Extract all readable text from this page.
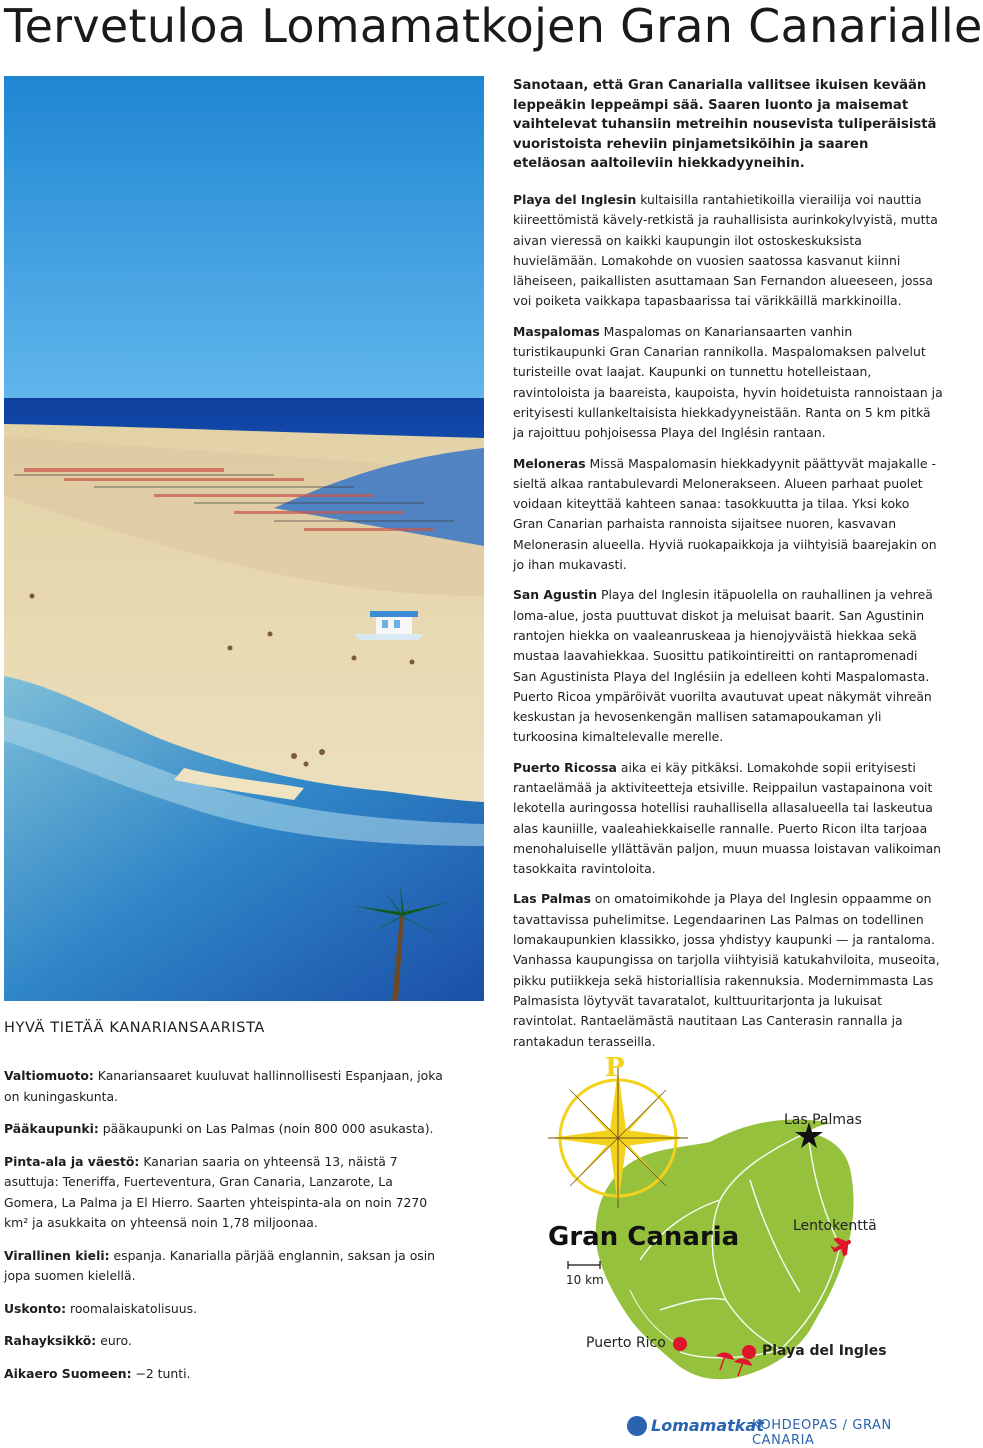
Tervetuloa Lomamatkojen Gran Canarialle
www.grancanaria.com

Sanotaan, että Gran Canarialla vallitsee ikuisen kevään leppeäkin leppeämpi sää. Saaren luonto ja maisemat vaihtelevat tuhansiin metreihin nousevista tuliperäisistä vuoristoista reheviin pinjametsiköihin ja saaren eteläosan aaltoileviin hiekkadyyneihin.

Playa del Inglesin kultaisilla rantahietikoilla vierailija voi nauttia kiireettömistä kävely-retkistä ja rauhallisista aurinkokylvyistä, mutta aivan vieressä on kaikki kaupungin ilot ostoskeskuksista huvielämään. Lomakohde on vuosien saatossa kasvanut kiinni läheiseen, paikallisten asuttamaan San Fernandon alueeseen, jossa voi poiketa vaikkapa tapasbaarissa tai värikkäillä markkinoilla.

Maspalomas Maspalomas on Kanariansaarten vanhin turistikaupunki Gran Canarian rannikolla. Maspalomaksen palvelut turisteille ovat laajat. Kaupunki on tunnettu hotelleistaan, ravintoloista ja baareista, kaupoista, hyvin hoidetuista rannoistaan ja erityisesti kullankeltaisista hiekkadyyneistään. Ranta on 5 km pitkä ja rajoittuu pohjoisessa Playa del Inglésin rantaan.

Meloneras Missä Maspalomasin hiekkadyynit päättyvät majakalle - sieltä alkaa rantabulevardi Melonerakseen. Alueen parhaat puolet voidaan kiteyttää kahteen sanaa: tasokkuutta ja tilaa. Yksi koko Gran Canarian parhaista rannoista sijaitsee nuoren, kasvavan Melonerasin alueella. Hyviä ruokapaikkoja ja viihtyisiä baarejakin on jo ihan mukavasti.

San Agustin Playa del Inglesin itäpuolella on rauhallinen ja vehreä loma-alue, josta puuttuvat diskot ja meluisat baarit. San Agustinin rantojen hiekka on vaaleanruskeaa ja hienojyväistä hiekkaa sekä mustaa laavahiekkaa. Suosittu patikointireitti on rantapromenadi San Agustinista Playa del Inglésiin ja edelleen kohti Maspalomasta. Puerto Ricoa ympäröivät vuorilta avautuvat upeat näkymät vihreän keskustan ja hevosenkengän mallisen satamapoukaman yli turkoosina kimaltelevalle merelle.

Puerto Ricossa aika ei käy pitkäksi. Lomakohde sopii erityisesti rantaelämää ja aktiviteetteja etsiville. Reippailun vastapainona voit lekotella auringossa hotellisi rauhallisella allasalueella tai laskeutua alas kauniille, vaaleahiekkaiselle rannalle. Puerto Ricon ilta tarjoaa menohaluiselle yllättävän paljon, muun muassa loistavan valikoiman tasokkaita ravintoloita.

Las Palmas on omatoimikohde ja Playa del Inglesin oppaamme on tavattavissa puhelimitse. Legendaarinen Las Palmas on todellinen lomakaupunkien klassikko, jossa yhdistyy kaupunki — ja rantaloma. Vanhassa kaupungissa on tarjolla viihtyisiä katukahviloita, museoita, pikku putiikkeja sekä historiallisia rakennuksia. Modernimmasta Las Palmasista löytyvät tavaratalot, kulttuuritarjonta ja lukuisat ravintolat. Rantaelämästä nautitaan Las Canterasin rannalla ja rantakadun terasseilla.

HYVÄ TIETÄÄ KANARIANSAARISTA

Valtiomuoto: Kanariansaaret kuuluvat hallinnollisesti Espanjaan, joka on kuningaskunta.

Pääkaupunki: pääkaupunki on Las Palmas (noin 800 000 asukasta).

Pinta-ala ja väestö: Kanarian saaria on yhteensä 13, näistä 7 asuttuja: Teneriffa, Fuerteventura, Gran Canaria, Lanzarote, La Gomera, La Palma ja El Hierro. Saarten yhteispinta-ala on noin 7270 km² ja asukkaita on yhteensä noin 1,78 miljoonaa.

Virallinen kieli: espanja. Kanarialla pärjää englannin, saksan ja osin jopa suomen kielellä.

Uskonto: roomalaiskatolisuus.

Rahayksikkö: euro.

Aikaero Suomeen: −2 tunti.

P
Gran Canaria
10 km
Las Palmas
Lentokenttä
Puerto Rico	Playa del Ingles
Lomamatkat
KOHDEOPAS / GRAN CANARIA
